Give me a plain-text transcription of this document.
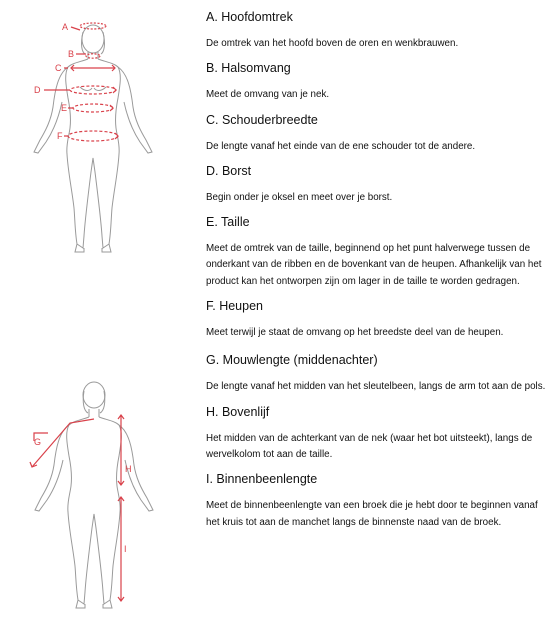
A
B
C
D
E
F
G
H
I
A. Hoofdomtrek

De omtrek van het hoofd boven de oren en wenkbrauwen.

B. Halsomvang

Meet de omvang van je nek.

C. Schouderbreedte

De lengte vanaf het einde van de ene schouder tot de andere.

D. Borst

Begin onder je oksel en meet over je borst.

E. Taille

Meet de omtrek van de taille, beginnend op het punt halverwege tussen de onderkant van de ribben en de bovenkant van de heupen. Afhankelijk van het product kan het ontworpen zijn om lager in de taille te worden gedragen.

F. Heupen

Meet terwijl je staat de omvang op het breedste deel van de heupen.

G. Mouwlengte (middenachter)

De lengte vanaf het midden van het sleutelbeen, langs de arm tot aan de pols.

H. Bovenlijf

Het midden van de achterkant van de nek (waar het bot uitsteekt), langs de wervelkolom tot aan de taille.

I. Binnenbeenlengte

Meet de binnenbeenlengte van een broek die je hebt door te beginnen vanaf het kruis tot aan de manchet langs de binnenste naad van de broek.
